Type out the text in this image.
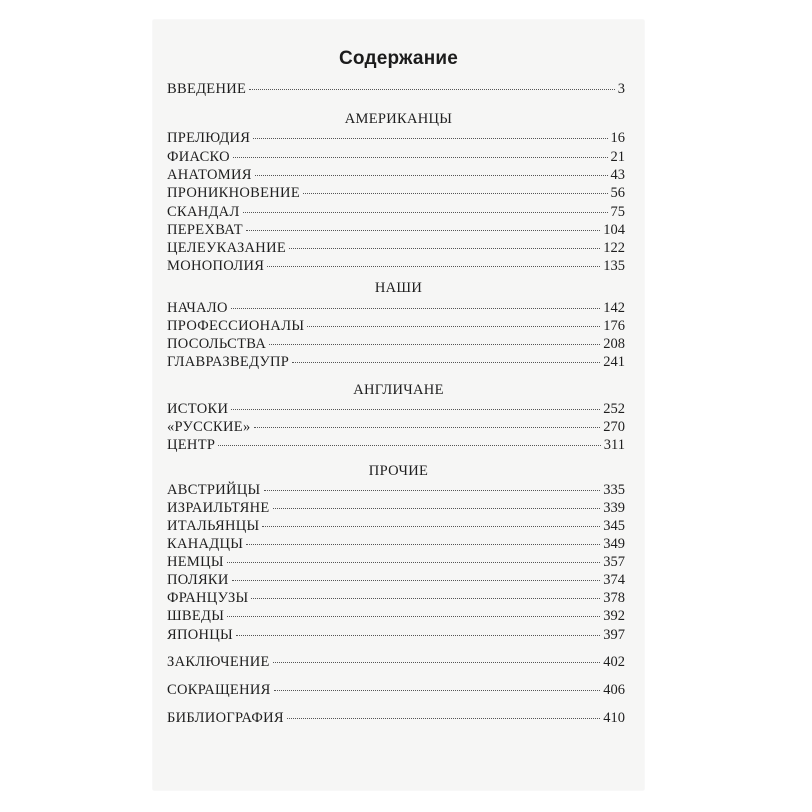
Содержание
ВВЕДЕНИЕ	3
АМЕРИКАНЦЫ
ПРЕЛЮДИЯ	16
ФИАСКО	21
АНАТОМИЯ	43
ПРОНИКНОВЕНИЕ	56
СКАНДАЛ	75
ПЕРЕХВАТ	104
ЦЕЛЕУКАЗАНИЕ	122
МОНОПОЛИЯ	135
НАШИ
НАЧАЛО	142
ПРОФЕССИОНАЛЫ	176
ПОСОЛЬСТВА	208
ГЛАВРАЗВЕДУПР	241
АНГЛИЧАНЕ
ИСТОКИ	252
«РУССКИЕ»	270
ЦЕНТР	311
ПРОЧИЕ
АВСТРИЙЦЫ	335
ИЗРАИЛЬТЯНЕ	339
ИТАЛЬЯНЦЫ	345
КАНАДЦЫ	349
НЕМЦЫ	357
ПОЛЯКИ	374
ФРАНЦУЗЫ	378
ШВЕДЫ	392
ЯПОНЦЫ	397
ЗАКЛЮЧЕНИЕ	402
СОКРАЩЕНИЯ	406
БИБЛИОГРАФИЯ	410
